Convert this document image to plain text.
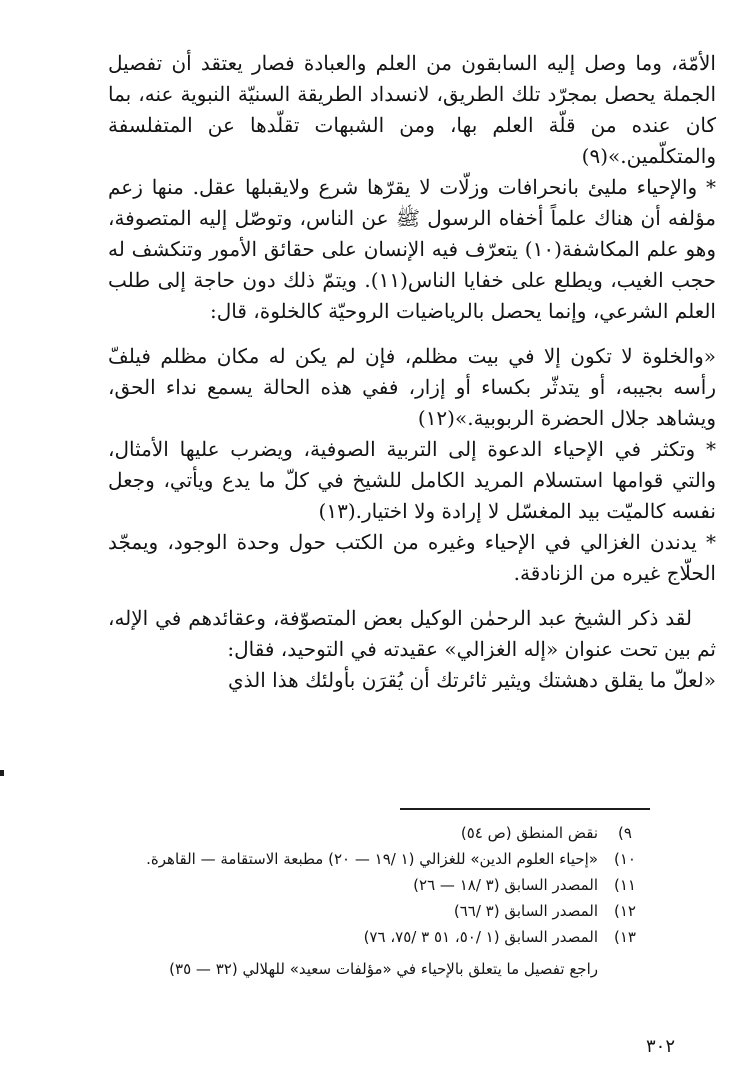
الأمّة، وما وصل إليه السابقون من العلم والعبادة فصار يعتقد أن تفصيل الجملة يحصل بمجرّد تلك الطريق، لانسداد الطريقة السنيّة النبوية عنه، بما كان عنده من قلّة العلم بها، ومن الشبهات تقلّدها عن المتفلسفة والمتكلّمين.»(٩)

* والإحياء مليئ بانحرافات وزلّات لا يقرّها شرع ولايقبلها عقل. منها زعم مؤلفه أن هناك علماً أخفاه الرسول ﷺ عن الناس، وتوصّل إليه المتصوفة، وهو علم المكاشفة(١٠) يتعرّف فيه الإنسان على حقائق الأمور وتنكشف له حجب الغيب، ويطلع على خفايا الناس(١١). ويتمّ ذلك دون حاجة إلى طلب العلم الشرعي، وإنما يحصل بالرياضيات الروحيّة كالخلوة، قال:

«والخلوة لا تكون إلا في بيت مظلم، فإن لم يكن له مكان مظلم فيلفّ رأسه بجيبه، أو يتدثّر بكساء أو إزار، ففي هذه الحالة يسمع نداء الحق، ويشاهد جلال الحضرة الربوبية.»(١٢)

* وتكثر في الإحياء الدعوة إلى التربية الصوفية، ويضرب عليها الأمثال، والتي قوامها استسلام المريد الكامل للشيخ في كلّ ما يدع ويأتي، وجعل نفسه كالميّت بيد المغسّل لا إرادة ولا اختيار.(١٣)

* يدندن الغزالي في الإحياء وغيره من الكتب حول وحدة الوجود، ويمجّد الحلّاج غيره من الزنادقة.

لقد ذكر الشيخ عبد الرحمٰن الوكيل بعض المتصوّفة، وعقائدهم في الإله، ثم بين تحت عنوان «إله الغزالي» عقيدته في التوحيد، فقال:

«لعلّ ما يقلق دهشتك ويثير ثائرتك أن يُقرَن بأولئك هذا الذي

٩)
نقض المنطق (ص ٥٤)
١٠)
«إحياء العلوم الدين» للغزالي (١ /١٩ — ٢٠) مطبعة الاستقامة — القاهرة.
١١)
المصدر السابق (٣ /١٨ — ٢٦)
١٢)
المصدر السابق (٣ /٦٦)
١٣)
المصدر السابق (١ /٥٠، ٥١ ٣ /٧٥، ٧٦)
راجع تفصيل ما يتعلق بالإحياء في «مؤلفات سعيد» للهلالي (٣٢ — ٣٥)
٣٠٢
